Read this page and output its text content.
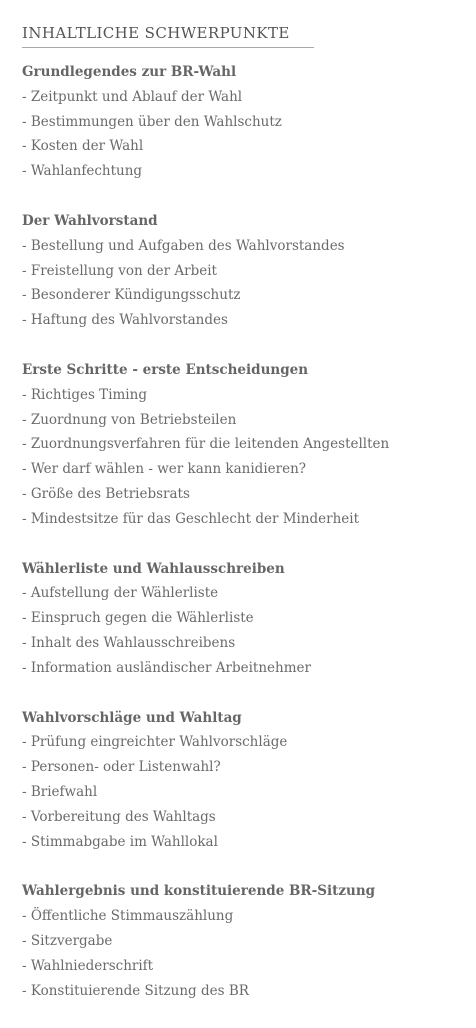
INHALTLICHE SCHWERPUNKTE
Grundlegendes zur BR-Wahl
- Zeitpunkt und Ablauf der Wahl
- Bestimmungen über den Wahlschutz
- Kosten der Wahl
- Wahlanfechtung
Der Wahlvorstand
- Bestellung und Aufgaben des Wahlvorstandes
- Freistellung von der Arbeit
- Besonderer Kündigungsschutz
- Haftung des Wahlvorstandes
Erste Schritte - erste Entscheidungen
- Richtiges Timing
- Zuordnung von Betriebsteilen
- Zuordnungsverfahren für die leitenden Angestellten
- Wer darf wählen - wer kann kanidieren?
- Größe des Betriebsrats
- Mindestsitze für das Geschlecht der Minderheit
Wählerliste und Wahlausschreiben
- Aufstellung der Wählerliste
- Einspruch gegen die Wählerliste
- Inhalt des Wahlausschreibens
- Information ausländischer Arbeitnehmer
Wahlvorschläge und Wahltag
- Prüfung eingreichter Wahlvorschläge
- Personen- oder Listenwahl?
- Briefwahl
- Vorbereitung des Wahltags
- Stimmabgabe im Wahllokal
Wahlergebnis und konstituierende BR-Sitzung
- Öffentliche Stimmauszählung
- Sitzvergabe
- Wahlniederschrift
- Konstituierende Sitzung des BR
